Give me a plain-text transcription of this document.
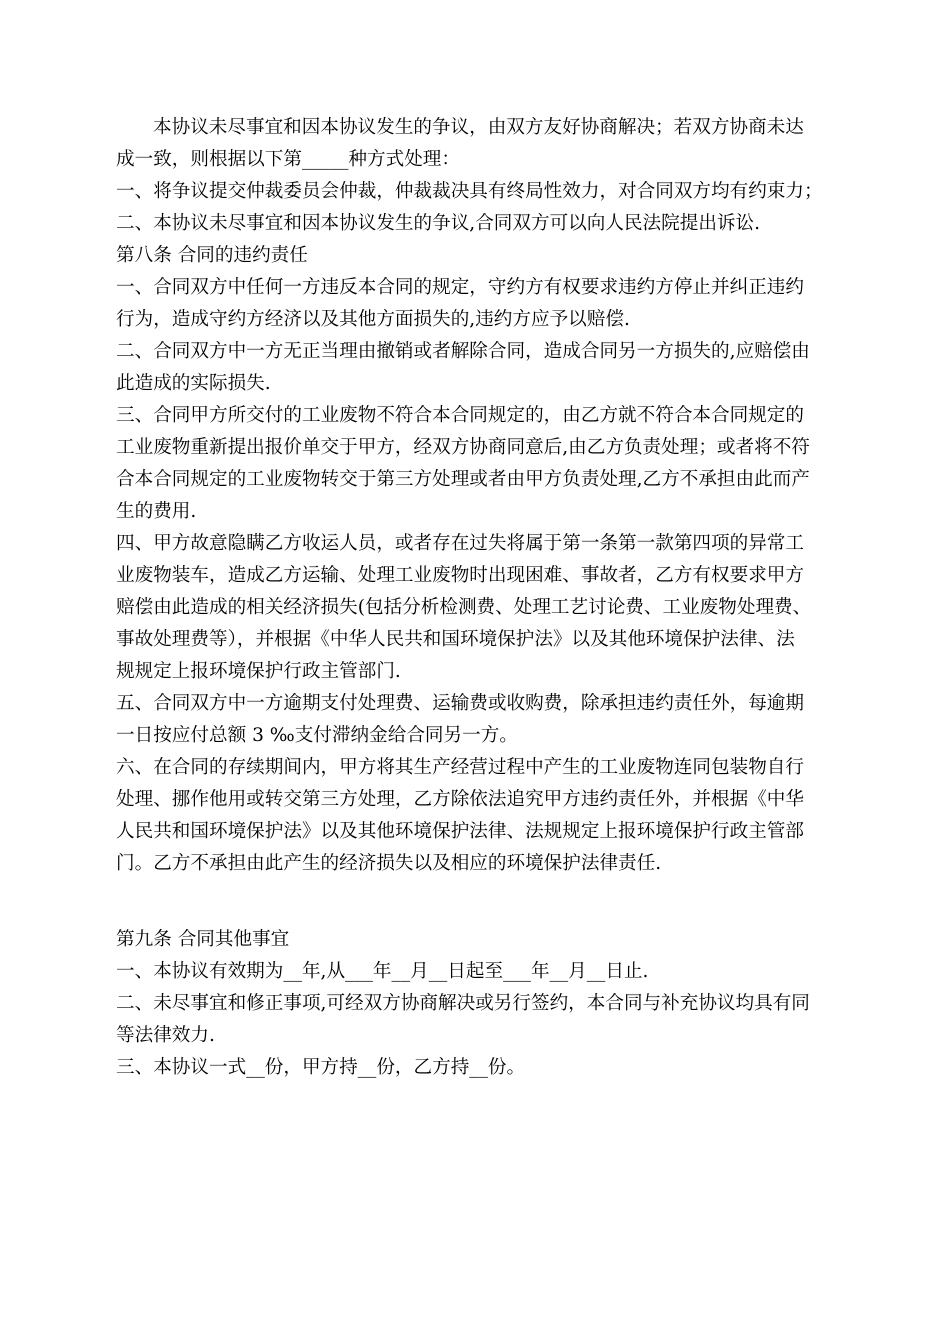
本协议未尽事宜和因本协议发生的争议，由双方友好协商解决；若双方协商未达
成一致，则根据以下第_____种方式处理：
一、将争议提交仲裁委员会仲裁，仲裁裁决具有终局性效力，对合同双方均有约束力；
二、本协议未尽事宜和因本协议发生的争议,合同双方可以向人民法院提出诉讼.
第八条 合同的违约责任
一、合同双方中任何一方违反本合同的规定，守约方有权要求违约方停止并纠正违约
行为，造成守约方经济以及其他方面损失的,违约方应予以赔偿.
二、合同双方中一方无正当理由撤销或者解除合同，造成合同另一方损失的,应赔偿由
此造成的实际损失.
三、合同甲方所交付的工业废物不符合本合同规定的，由乙方就不符合本合同规定的
工业废物重新提出报价单交于甲方，经双方协商同意后,由乙方负责处理；或者将不符
合本合同规定的工业废物转交于第三方处理或者由甲方负责处理,乙方不承担由此而产
生的费用.
四、甲方故意隐瞒乙方收运人员，或者存在过失将属于第一条第一款第四项的异常工
业废物装车，造成乙方运输、处理工业废物时出现困难、事故者，乙方有权要求甲方
赔偿由此造成的相关经济损失(包括分析检测费、处理工艺讨论费、工业废物处理费、
事故处理费等），并根据《中华人民共和国环境保护法》以及其他环境保护法律、法
规规定上报环境保护行政主管部门.
五、合同双方中一方逾期支付处理费、运输费或收购费，除承担违约责任外，每逾期
一日按应付总额 3 ‰支付滞纳金给合同另一方。
六、在合同的存续期间内，甲方将其生产经营过程中产生的工业废物连同包装物自行
处理、挪作他用或转交第三方处理，乙方除依法追究甲方违约责任外，并根据《中华
人民共和国环境保护法》以及其他环境保护法律、法规规定上报环境保护行政主管部
门。乙方不承担由此产生的经济损失以及相应的环境保护法律责任.
第九条 合同其他事宜
一、本协议有效期为__年,从___年__月__日起至___年__月__日止.
二、未尽事宜和修正事项,可经双方协商解决或另行签约，本合同与补充协议均具有同
等法律效力.
三、本协议一式__份，甲方持__份，乙方持__份。
